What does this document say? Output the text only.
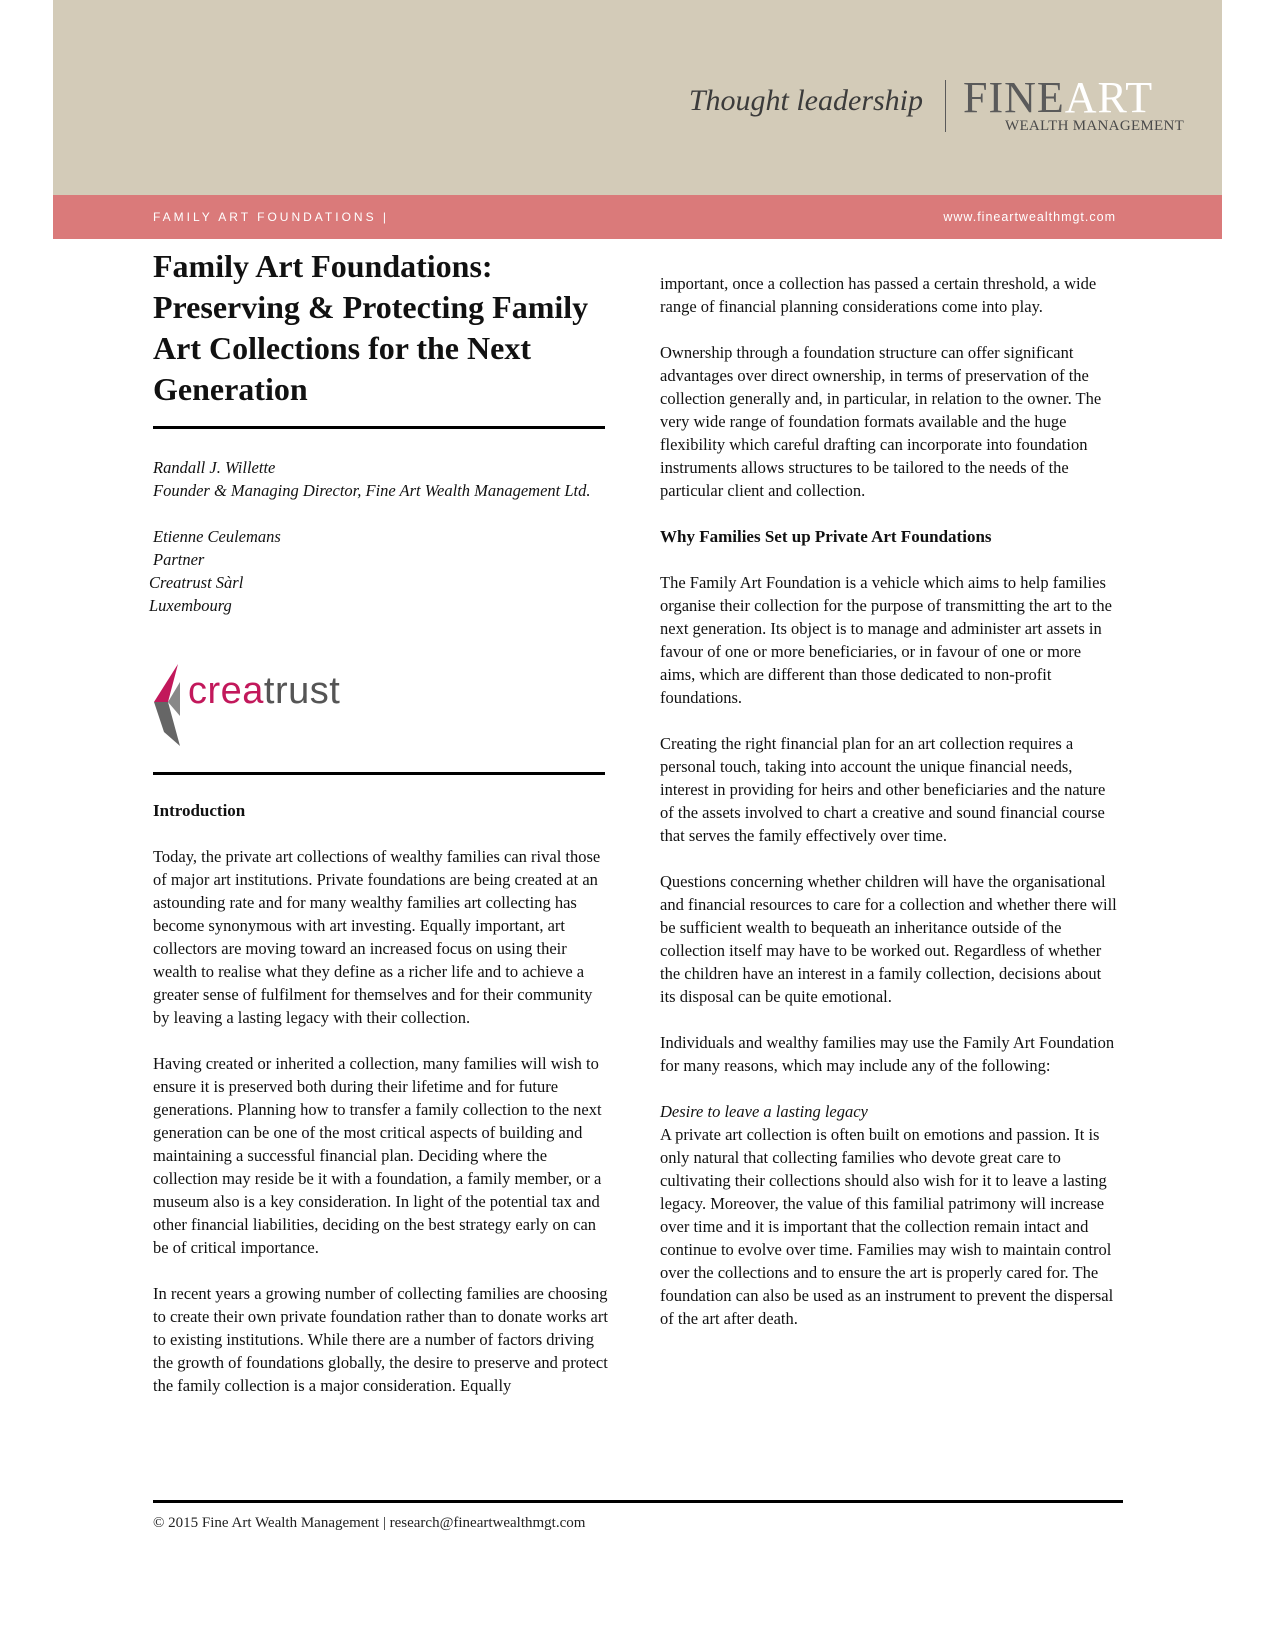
Thought leadership FINEART
WEALTH MANAGEMENT
FAMILY ART FOUNDATIONS |	www.fineartwealthmgt.com
Family Art Foundations: Preserving & Protecting Family Art Collections for the Next Generation

Randall J. Willette

Founder & Managing Director, Fine Art Wealth Management Ltd.

Etienne Ceulemans

Partner

Creatrust Sàrl

Luxembourg

creatrust
Introduction

Today, the private art collections of wealthy families can rival those of major art institutions. Private foundations are being created at an astounding rate and for many wealthy families art collecting has become synonymous with art investing. Equally important, art collectors are moving toward an increased focus on using their wealth to realise what they define as a richer life and to achieve a greater sense of fulfilment for themselves and for their community by leaving a lasting legacy with their collection.

Having created or inherited a collection, many families will wish to ensure it is preserved both during their lifetime and for future generations. Planning how to transfer a family collection to the next generation can be one of the most critical aspects of building and maintaining a successful financial plan. Deciding where the collection may reside be it with a foundation, a family member, or a museum also is a key consideration. In light of the potential tax and other financial liabilities, deciding on the best strategy early on can be of critical importance.

In recent years a growing number of collecting families are choosing to create their own private foundation rather than to donate works art to existing institutions. While there are a number of factors driving the growth of foundations globally, the desire to preserve and protect the family collection is a major consideration. Equally

important, once a collection has passed a certain threshold, a wide range of financial planning considerations come into play.

Ownership through a foundation structure can offer significant advantages over direct ownership, in terms of preservation of the collection generally and, in particular, in relation to the owner. The very wide range of foundation formats available and the huge flexibility which careful drafting can incorporate into foundation instruments allows structures to be tailored to the needs of the particular client and collection.

Why Families Set up Private Art Foundations

The Family Art Foundation is a vehicle which aims to help families organise their collection for the purpose of transmitting the art to the next generation. Its object is to manage and administer art assets in favour of one or more beneficiaries, or in favour of one or more aims, which are different than those dedicated to non-profit foundations.

Creating the right financial plan for an art collection requires a personal touch, taking into account the unique financial needs, interest in providing for heirs and other beneficiaries and the nature of the assets involved to chart a creative and sound financial course that serves the family effectively over time.

Questions concerning whether children will have the organisational and financial resources to care for a collection and whether there will be sufficient wealth to bequeath an inheritance outside of the collection itself may have to be worked out. Regardless of whether the children have an interest in a family collection, decisions about its disposal can be quite emotional.

Individuals and wealthy families may use the Family Art Foundation for many reasons, which may include any of the following:

Desire to leave a lasting legacy

A private art collection is often built on emotions and passion. It is only natural that collecting families who devote great care to cultivating their collections should also wish for it to leave a lasting legacy. Moreover, the value of this familial patrimony will increase over time and it is important that the collection remain intact and continue to evolve over time. Families may wish to maintain control over the collections and to ensure the art is properly cared for. The foundation can also be used as an instrument to prevent the dispersal of the art after death.

© 2015 Fine Art Wealth Management | research@fineartwealthmgt.com
